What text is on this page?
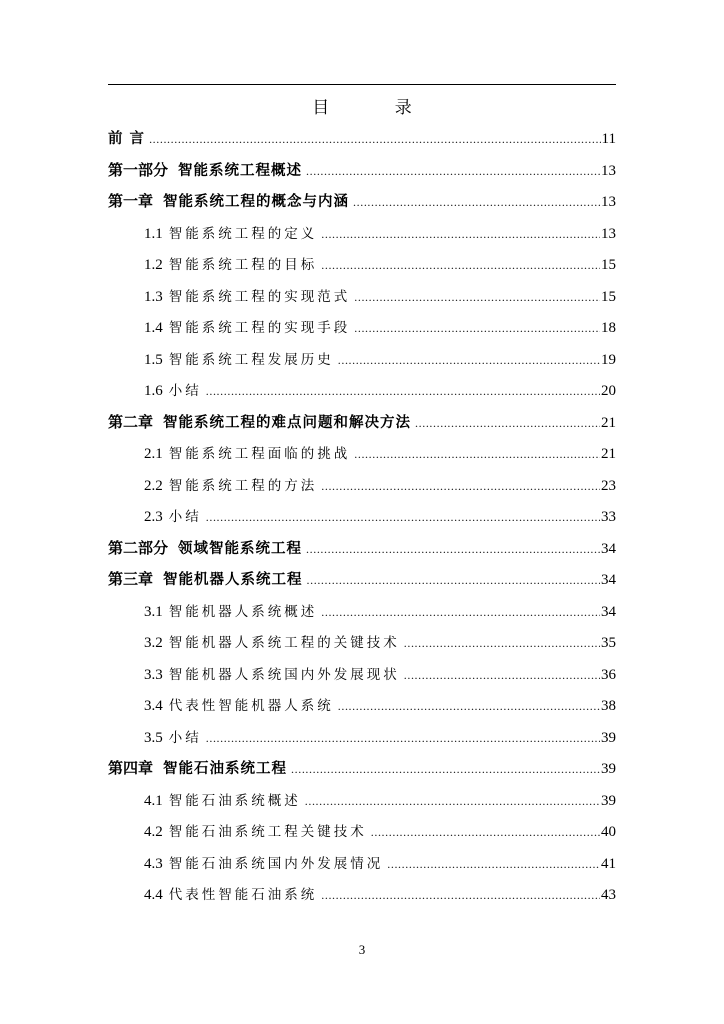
目 录
前 言 .....	11
第一部分 智能系统工程概述 .....	13
第一章 智能系统工程的概念与内涵 .....	13
1.1 智能系统工程的定义 .....	13
1.2 智能系统工程的目标 .....	15
1.3 智能系统工程的实现范式 .....	15
1.4 智能系统工程的实现手段 .....	18
1.5 智能系统工程发展历史 .....	19
1.6 小结 .....	20
第二章 智能系统工程的难点问题和解决方法 .....	21
2.1 智能系统工程面临的挑战 .....	21
2.2 智能系统工程的方法 .....	23
2.3 小结 .....	33
第二部分 领域智能系统工程 .....	34
第三章 智能机器人系统工程 .....	34
3.1 智能机器人系统概述 .....	34
3.2 智能机器人系统工程的关键技术 .....	35
3.3 智能机器人系统国内外发展现状 .....	36
3.4 代表性智能机器人系统 .....	38
3.5 小结 .....	39
第四章 智能石油系统工程 .....	39
4.1 智能石油系统概述 .....	39
4.2 智能石油系统工程关键技术 .....	40
4.3 智能石油系统国内外发展情况 .....	41
4.4 代表性智能石油系统 .....	43
3
